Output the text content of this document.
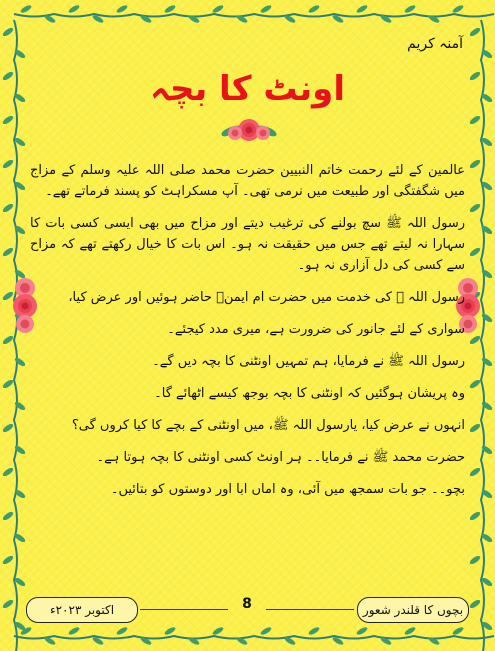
آمنہ کریم
اونٹ کا بچہ

عالمین کے لئے رحمت خاتم النبیین حضرت محمد صلی اللہ علیہ وسلم کے مزاج میں شگفتگی اور طبیعت میں نرمی تھی۔ آپ مسکراہٹ کو پسند فرماتے تھے۔

رسول اللہ ﷺ سچ بولنے کی ترغیب دیتے اور مزاح میں بھی ایسی کسی بات کا سہارا نہ لیتے تھے جس میں حقیقت نہ ہو۔ اس بات کا خیال رکھتے تھے کہ مزاح سے کسی کی دل آزاری نہ ہو۔

رسول اللہ ﷺ کی خدمت میں حضرت ام ایمنؓ حاضر ہوئیں اور عرض کیا،

سواری کے لئے جانور کی ضرورت ہے، میری مدد کیجئے۔

رسول اللہ ﷺ نے فرمایا، ہم تمہیں اونٹنی کا بچہ دیں گے۔

وہ پریشان ہوگئیں کہ اونٹنی کا بچہ بوجھ کیسے اٹھائے گا۔

انہوں نے عرض کیا، یارسول اللہ ﷺ، میں اونٹنی کے بچے کا کیا کروں گی؟

حضرت محمد ﷺ نے فرمایا۔۔ ہر اونٹ کسی اونٹنی کا بچہ ہوتا ہے۔

بچو۔۔ جو بات سمجھ میں آئی، وہ اماں ابا اور دوستوں کو بتائیں۔

اکتوبر ۲۰۲۳ء	8	بچوں کا قلندر شعور
